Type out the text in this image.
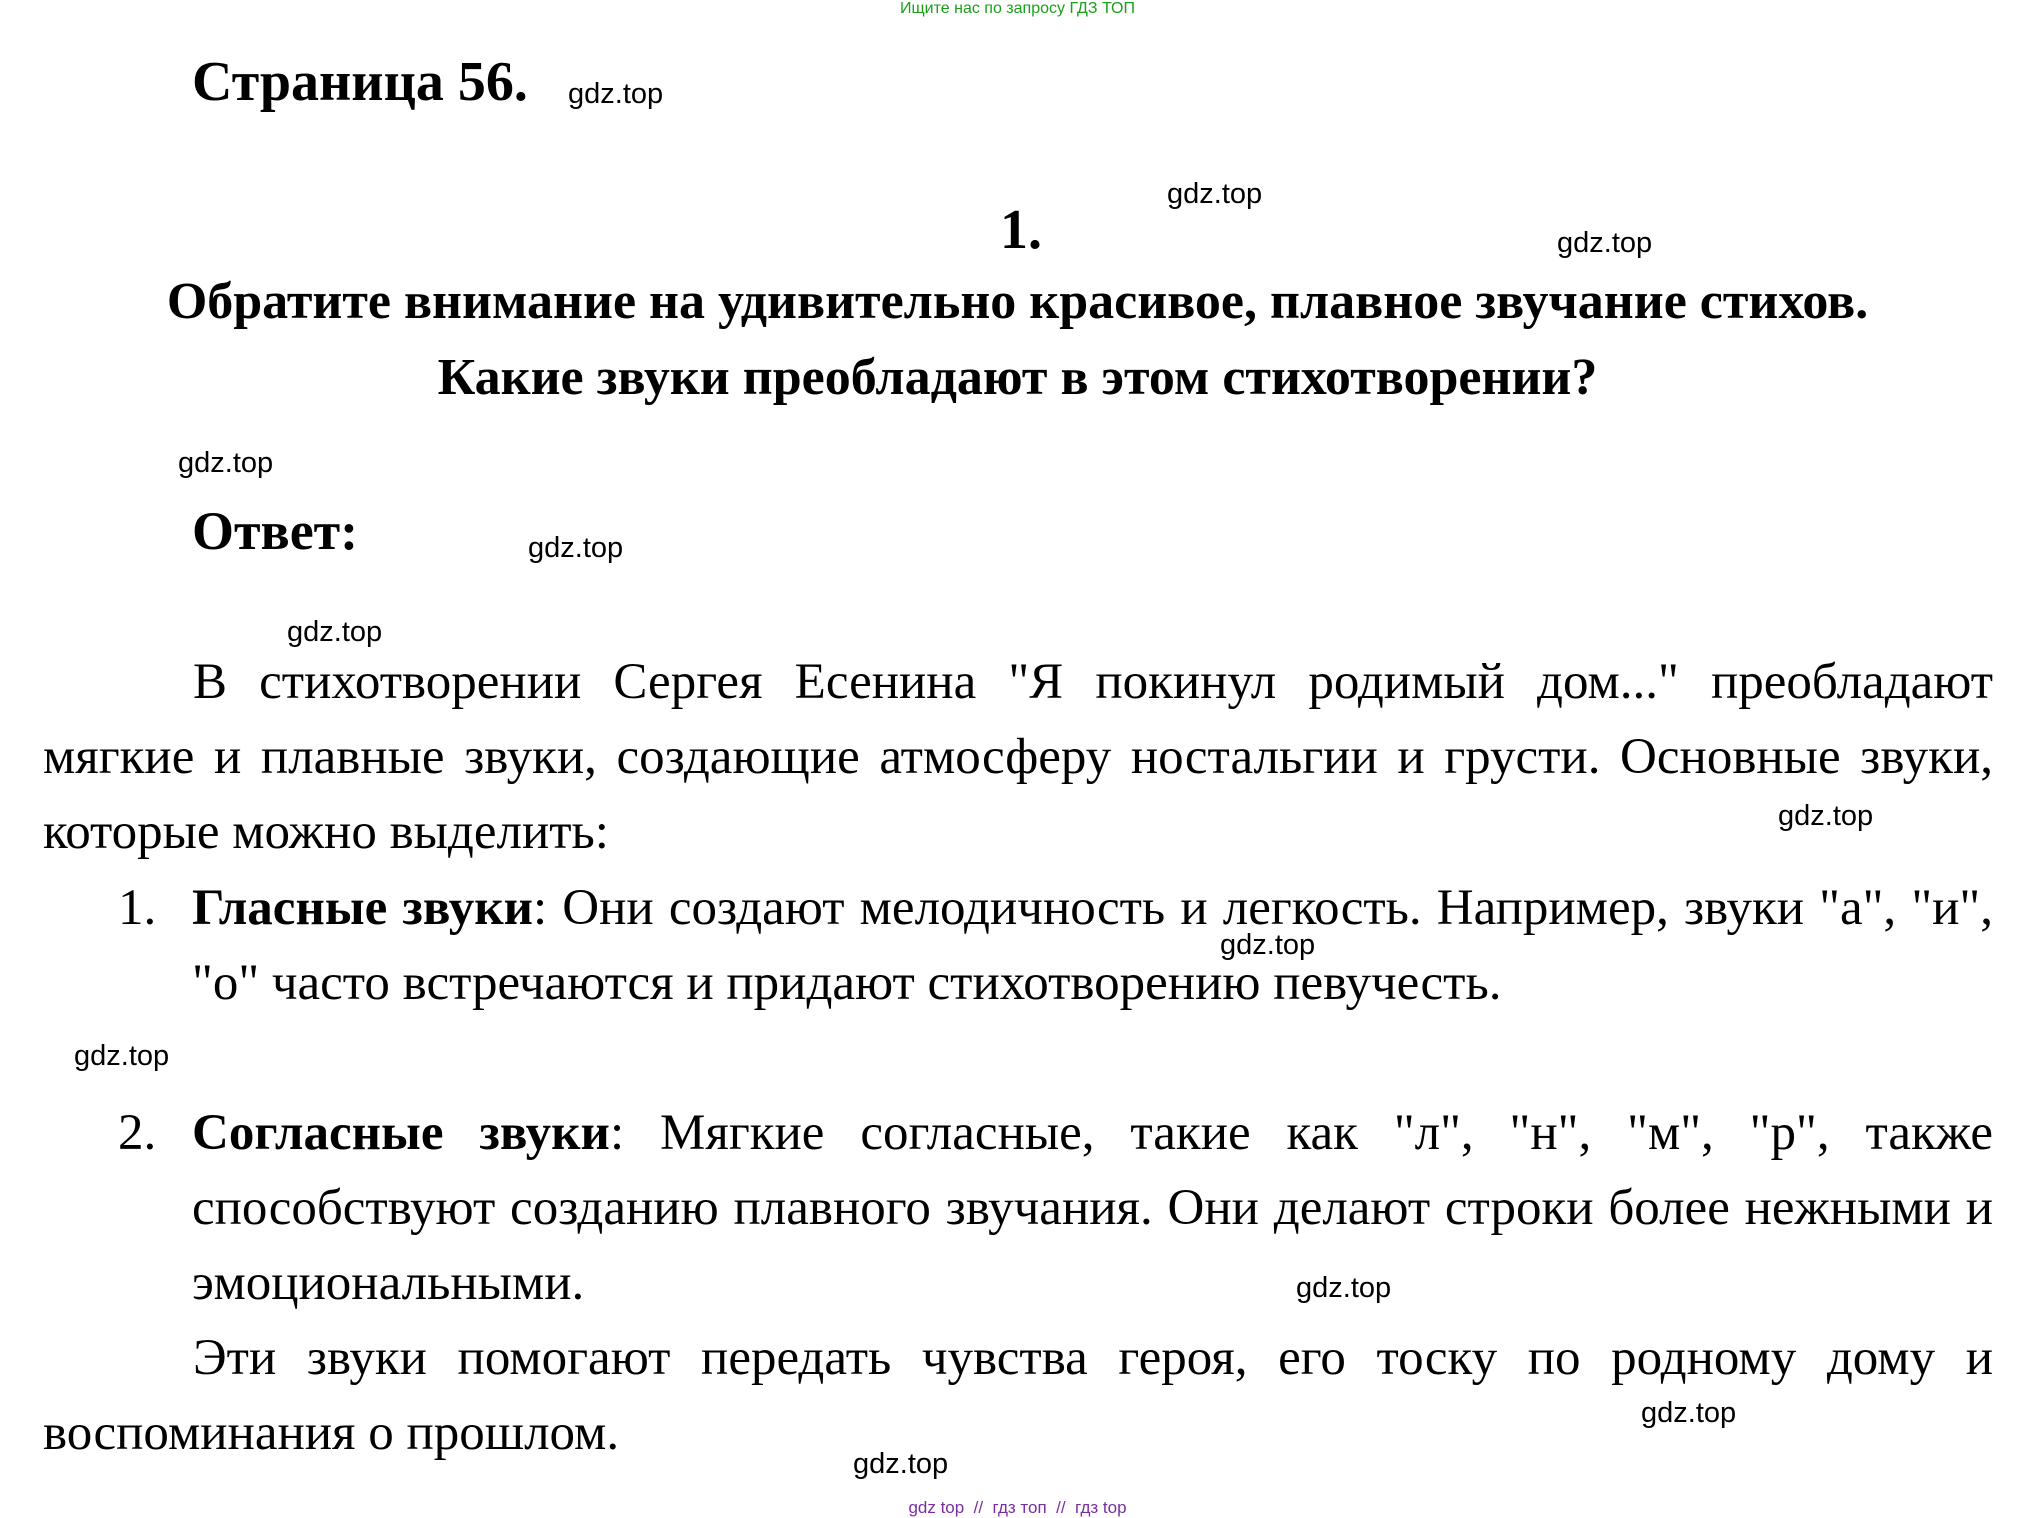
Ищите нас по запросу ГДЗ ТОП
Страница 56.
1.
Обратите внимание на удивительно красивое, плавное звучание стихов.
Какие звуки преобладают в этом стихотворении?
Ответ:
В стихотворении Сергея Есенина "Я покинул родимый дом..." преобладают мягкие и плавные звуки, создающие атмосферу ностальгии и грусти. Основные звуки, которые можно выделить:
1. Гласные звуки: Они создают мелодичность и легкость. Например, звуки "а", "и", "о" часто встречаются и придают стихотворению певучесть.
2. Согласные звуки: Мягкие согласные, такие как "л", "н", "м", "р", также способствуют созданию плавного звучания. Они делают строки более нежными и эмоциональными.
Эти звуки помогают передать чувства героя, его тоску по родному дому и воспоминания о прошлом.
gdz.top
gdz.top
gdz.top
gdz.top
gdz.top
gdz.top
gdz.top
gdz.top
gdz.top
gdz.top
gdz.top
gdz.top
gdz top  //  гдз топ  //  гдз top
